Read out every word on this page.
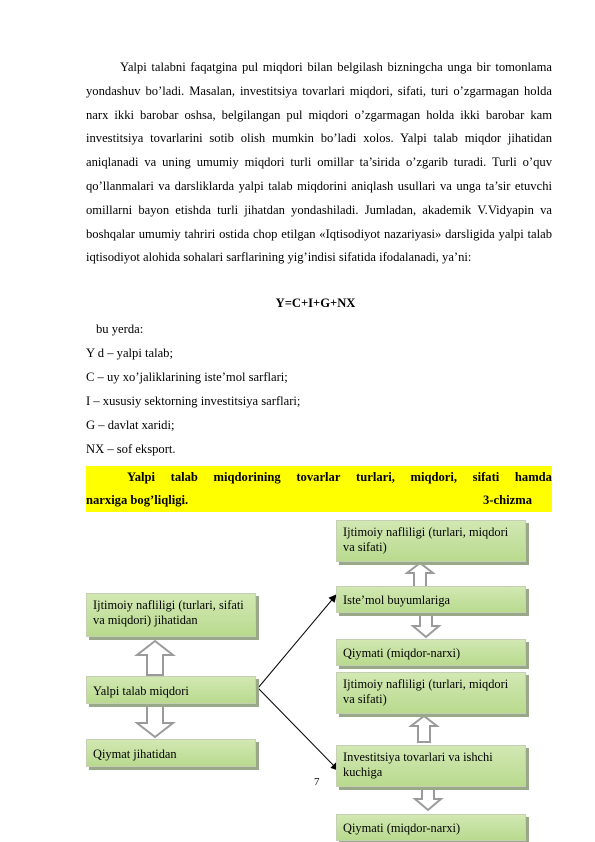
Yalpi talabni faqatgina pul miqdori bilan belgilash bizningcha unga bir tomonlama yondashuv bo’ladi. Masalan, investitsiya tovarlari miqdori, sifati, turi o’zgarmagan holda narx ikki barobar oshsa, belgilangan pul miqdori o’zgarmagan holda ikki barobar kam investitsiya tovarlarini sotib olish mumkin bo’ladi xolos. Yalpi talab miqdor jihatidan aniqlanadi va uning umumiy miqdori turli omillar ta’sirida o’zgarib turadi. Turli o’quv qo’llanmalari va darsliklarda yalpi talab miqdorini aniqlash usullari va unga ta’sir etuvchi omillarni bayon etishda turli jihatdan yondashiladi. Jumladan, akademik V.Vidyapin va boshqalar umumiy tahriri ostida chop etilgan «Iqtisodiyot nazariyasi» darsligida yalpi talab iqtisodiyot alohida sohalari sarflarining yig’indisi sifatida ifodalanadi, ya’ni:

Y=C+I+G+NX
bu yerda:
Y d – yalpi talab;
C – uy xo’jaliklarining iste’mol sarflari;
I – xususiy sektorning investitsiya sarflari;
G – davlat xaridi;
NX – sof eksport.
Yalpi talab miqdorining tovarlar turlari, miqdori, sifati hamda
narxiga bog’liqligi.	3-chizma
Ijtimoiy nafliligi (turlari, sifati va miqdori) jihatidan
Yalpi talab miqdori
Qiymat jihatidan
Ijtimoiy nafliligi (turlari, miqdori va sifati)
Iste’mol buyumlariga
Qiymati (miqdor-narxi)
Ijtimoiy nafliligi (turlari, miqdori va sifati)
Investitsiya tovarlari va ishchi kuchiga
Qiymati (miqdor-narxi)
7
